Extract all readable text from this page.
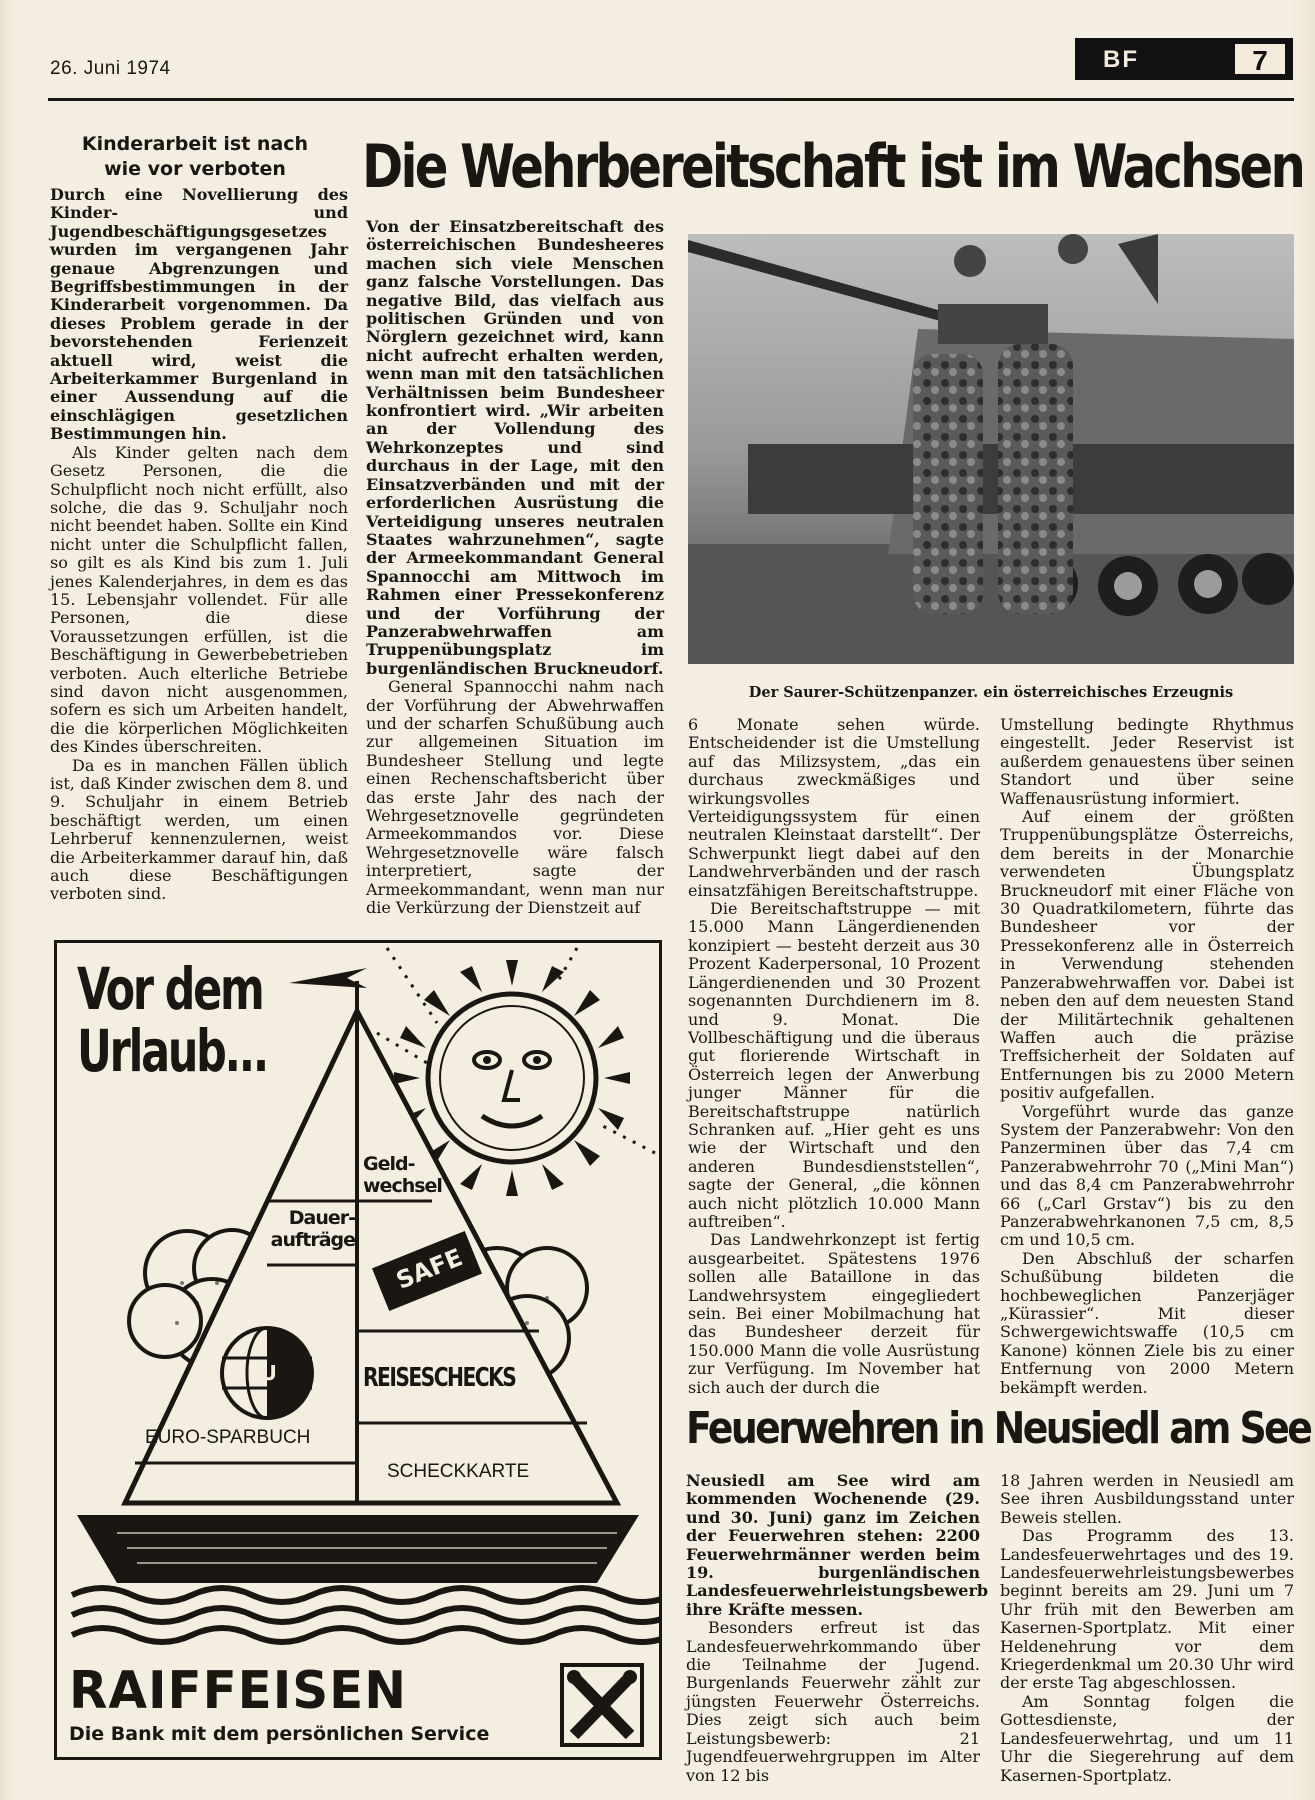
26. Juni 1974	BF	7
Kinderarbeit ist nach
wie vor verboten

Durch eine Novellierung des Kinder- und Jugendbeschäftigungsgesetzes wurden im vergangenen Jahr genaue Abgrenzungen und Begriffsbestimmungen in der Kinderarbeit vorgenommen. Da dieses Problem gerade in der bevorstehenden Ferienzeit aktuell wird, weist die Arbeiterkammer Burgenland in einer Aussendung auf die einschlägigen gesetzlichen Bestimmungen hin.

Als Kinder gelten nach dem Gesetz Personen, die die Schulpflicht noch nicht erfüllt, also solche, die das 9. Schuljahr noch nicht beendet haben. Sollte ein Kind nicht unter die Schulpflicht fallen, so gilt es als Kind bis zum 1. Juli jenes Kalenderjahres, in dem es das 15. Lebensjahr vollendet. Für alle Personen, die diese Voraussetzungen erfüllen, ist die Beschäftigung in Gewerbebetrieben verboten. Auch elterliche Betriebe sind davon nicht ausgenommen, sofern es sich um Arbeiten handelt, die die körperlichen Möglichkeiten des Kindes überschreiten.

Da es in manchen Fällen üblich ist, daß Kinder zwischen dem 8. und 9. Schuljahr in einem Betrieb beschäftigt werden, um einen Lehrberuf kennenzulernen, weist die Arbeiterkammer darauf hin, daß auch diese Beschäftigungen verboten sind.

Die Wehrbereitschaft ist im Wachsen

Von der Einsatzbereitschaft des österreichischen Bundesheeres machen sich viele Menschen ganz falsche Vorstellungen. Das negative Bild, das vielfach aus politischen Gründen und von Nörglern gezeichnet wird, kann nicht aufrecht erhalten werden, wenn man mit den tatsächlichen Verhältnissen beim Bundesheer konfrontiert wird. „Wir arbeiten an der Vollendung des Wehrkonzeptes und sind durchaus in der Lage, mit den Einsatzverbänden und mit der erforderlichen Ausrüstung die Verteidigung unseres neutralen Staates wahrzunehmen“, sagte der Armeekommandant General Spannocchi am Mittwoch im Rahmen einer Pressekonferenz und der Vorführung der Panzerabwehrwaffen am Truppenübungsplatz im burgenländischen Bruckneudorf.

General Spannocchi nahm nach der Vorführung der Abwehrwaffen und der scharfen Schußübung auch zur allgemeinen Situation im Bundesheer Stellung und legte einen Rechenschaftsbericht über das erste Jahr des nach der Wehrgesetznovelle gegründeten Armeekommandos vor. Diese Wehrgesetznovelle wäre falsch interpretiert, sagte der Armeekommandant, wenn man nur die Verkürzung der Dienstzeit auf

Der Saurer-Schützenpanzer. ein österreichisches Erzeugnis

6 Monate sehen würde. Entscheidender ist die Umstellung auf das Milizsystem, „das ein durchaus zweckmäßiges und wirkungsvolles Verteidigungssystem für einen neutralen Kleinstaat darstellt“. Der Schwerpunkt liegt dabei auf den Landwehrverbänden und der rasch einsatzfähigen Bereitschaftstruppe.

Die Bereitschaftstruppe — mit 15.000 Mann Längerdienenden konzipiert — besteht derzeit aus 30 Prozent Kaderpersonal, 10 Prozent Längerdienenden und 30 Prozent sogenannten Durchdienern im 8. und 9. Monat. Die Vollbeschäftigung und die überaus gut florierende Wirtschaft in Österreich legen der Anwerbung junger Männer für die Bereitschaftstruppe natürlich Schranken auf. „Hier geht es uns wie der Wirtschaft und den anderen Bundesdienststellen“, sagte der General, „die können auch nicht plötzlich 10.000 Mann auftreiben“.

Das Landwehrkonzept ist fertig ausgearbeitet. Spätestens 1976 sollen alle Bataillone in das Landwehrsystem eingegliedert sein. Bei einer Mobilmachung hat das Bundesheer derzeit für 150.000 Mann die volle Ausrüstung zur Verfügung. Im November hat sich auch der durch die

Umstellung bedingte Rhythmus eingestellt. Jeder Reservist ist außerdem genauestens über seinen Standort und über seine Waffenausrüstung informiert.

Auf einem der größten Truppenübungsplätze Österreichs, dem bereits in der Monarchie verwendeten Übungsplatz Bruckneudorf mit einer Fläche von 30 Quadratkilometern, führte das Bundesheer vor der Pressekonferenz alle in Österreich in Verwendung stehenden Panzerabwehrwaffen vor. Dabei ist neben den auf dem neuesten Stand der Militärtechnik gehaltenen Waffen auch die präzise Treffsicherheit der Soldaten auf Entfernungen bis zu 2000 Metern positiv aufgefallen.

Vorgeführt wurde das ganze System der Panzerabwehr: Von den Panzerminen über das 7,4 cm Panzerabwehrrohr 70 („Mini Man“) und das 8,4 cm Panzerabwehrrohr 66 („Carl Grstav“) bis zu den Panzerabwehrkanonen 7,5 cm, 8,5 cm und 10,5 cm.

Den Abschluß der scharfen Schußübung bildeten die hochbeweglichen Panzerjäger „Kürassier“. Mit dieser Schwergewichtswaffe (10,5 cm Kanone) können Ziele bis zu einer Entfernung von 2000 Metern bekämpft werden.

Feuerwehren in Neusiedl am See

Neusiedl am See wird am kommenden Wochenende (29. und 30. Juni) ganz im Zeichen der Feuerwehren stehen: 2200 Feuerwehrmänner werden beim 19. burgenländischen Landesfeuerwehrleistungsbewerb ihre Kräfte messen.

Besonders erfreut ist das Landesfeuerwehrkommando über die Teilnahme der Jugend. Burgenlands Feuerwehr zählt zur jüngsten Feuerwehr Österreichs. Dies zeigt sich auch beim Leistungsbewerb: 21 Jugendfeuerwehrgruppen im Alter von 12 bis

18 Jahren werden in Neusiedl am See ihren Ausbildungsstand unter Beweis stellen.

Das Programm des 13. Landesfeuerwehrtages und des 19. Landesfeuerwehrleistungsbewerbes beginnt bereits am 29. Juni um 7 Uhr früh mit den Bewerben am Kasernen-Sportplatz. Mit einer Heldenehrung vor dem Kriegerdenkmal um 20.30 Uhr wird der erste Tag abgeschlossen.

Am Sonntag folgen die Gottesdienste, der Landesfeuerwehrtag, und um 11 Uhr die Siegerehrung auf dem Kasernen-Sportplatz.

Vor dem
Urlaub...
Dauer-
aufträge
Geld-
wechsel
SAFE
EU	REISESCHECKS
EURO-SPARBUCH
SCHECKKARTE
RAIFFEISEN
Die Bank mit dem persönlichen Service
